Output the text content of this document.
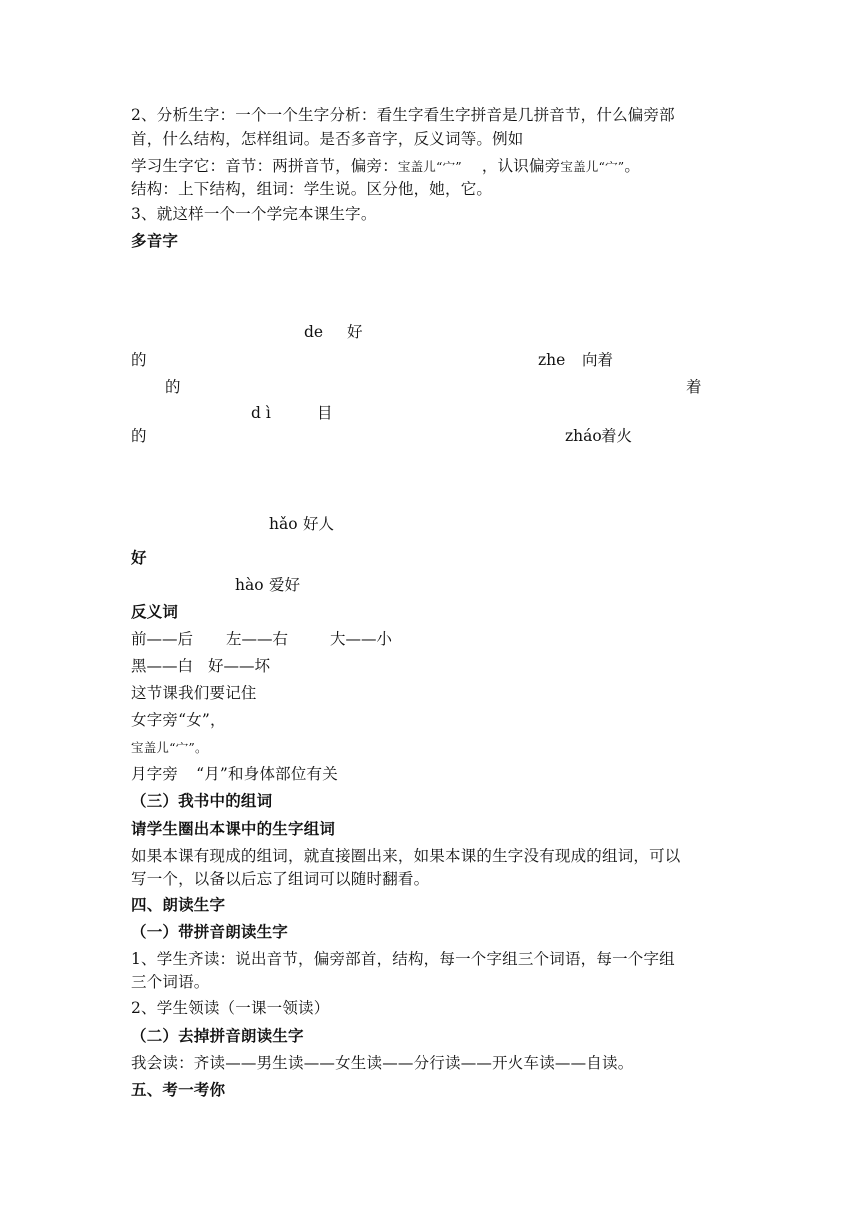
2、分析生字：一个一个生字分析：看生字看生字拼音是几拼音节，什么偏旁部
首，什么结构，怎样组词。是否多音字，反义词等。例如
学习生字它：音节：两拼音节，偏旁：宝盖儿“宀” ，认识偏旁宝盖儿“宀”。
结构：上下结构，组词：学生说。区分他，她，它。
3、就这样一个一个学完本课生字。
多音字
de 好
的	zhe 向着
的	着
d ì	目
的	zháo 着火
hǎo 好人
好
hào 爱好
反义词
前——后 左——右	大——小
黑——白 好——坏
这节课我们要记住
女字旁“女”，
宝盖儿“宀”。
月字旁 “月”和身体部位有关
（三）我书中的组词
请学生圈出本课中的生字组词
如果本课有现成的组词，就直接圈出来，如果本课的生字没有现成的组词，可以
写一个，以备以后忘了组词可以随时翻看。
四、朗读生字
（一）带拼音朗读生字
1、学生齐读：说出音节，偏旁部首，结构，每一个字组三个词语，每一个字组
三个词语。
2、学生领读（一课一领读）
（二）去掉拼音朗读生字
我会读：齐读——男生读——女生读——分行读——开火车读——自读。
五、考一考你
